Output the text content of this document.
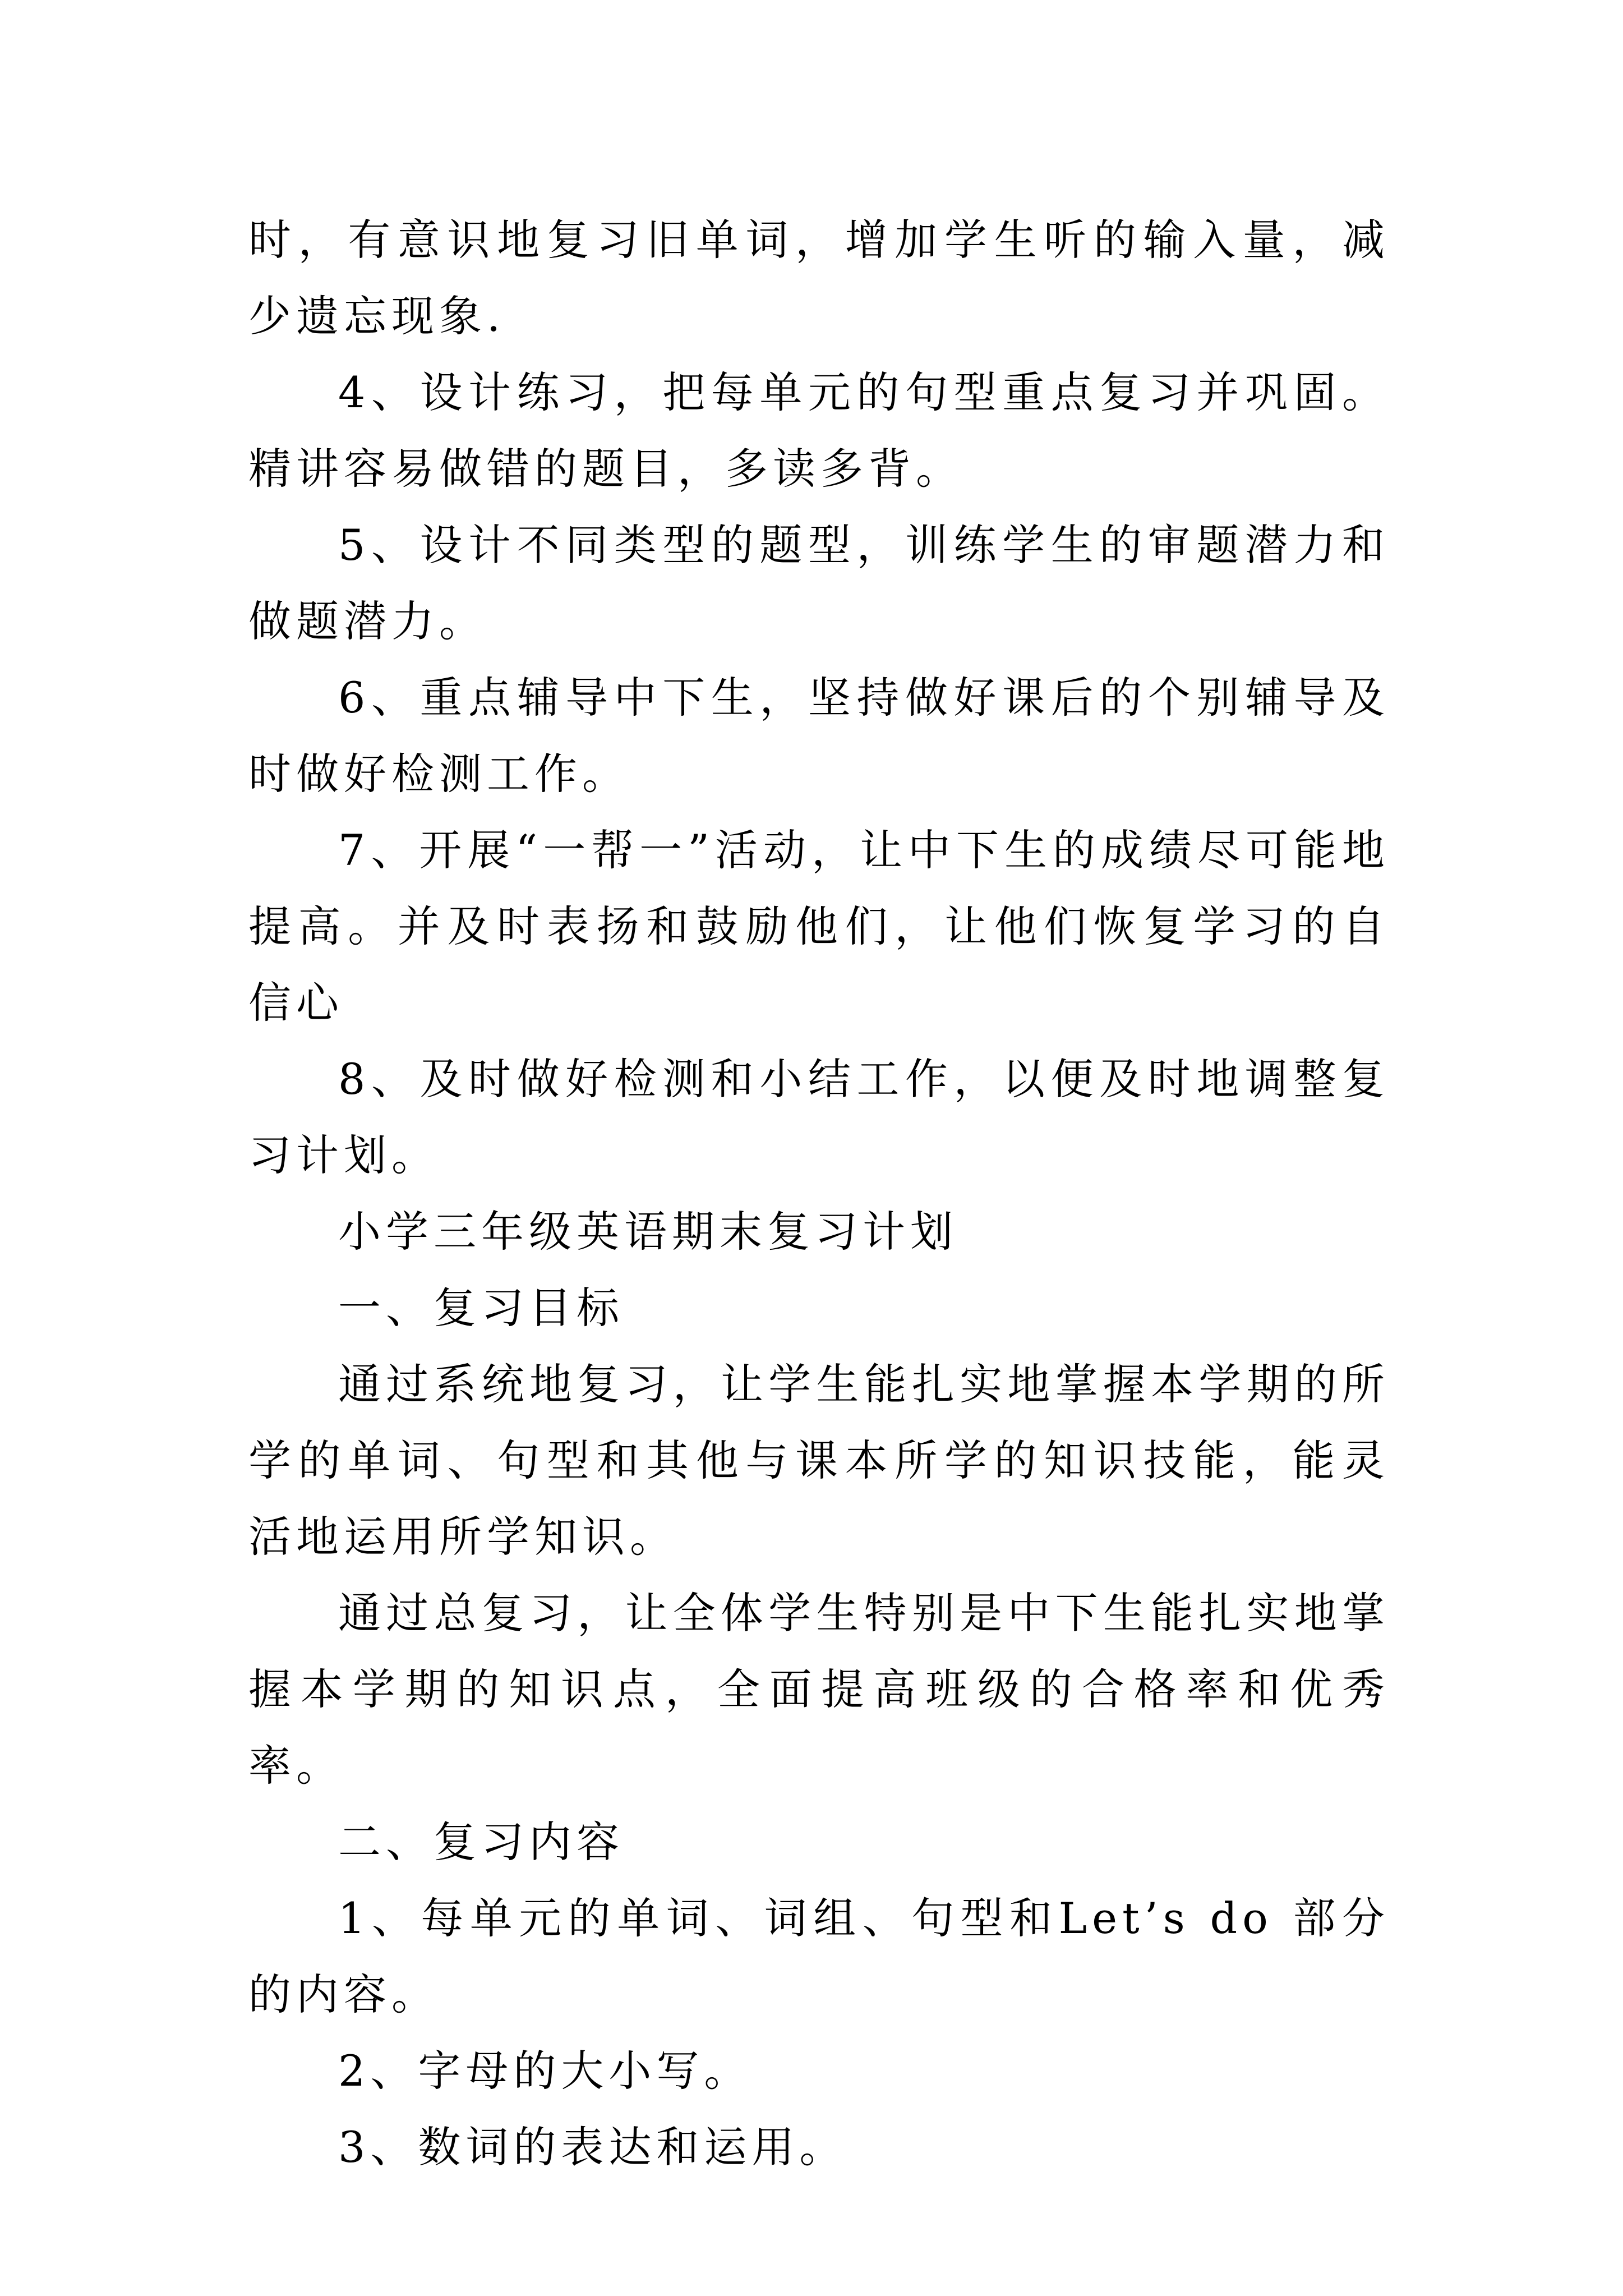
时，有意识地复习旧单词，增加学生听的输入量，减少遗忘现象.

4、设计练习，把每单元的句型重点复习并巩固。精讲容易做错的题目，多读多背。

5、设计不同类型的题型，训练学生的审题潜力和做题潜力。

6、重点辅导中下生，坚持做好课后的个别辅导及时做好检测工作。

7、开展“一帮一”活动，让中下生的成绩尽可能地提高。并及时表扬和鼓励他们，让他们恢复学习的自信心

8、及时做好检测和小结工作，以便及时地调整复习计划。

小学三年级英语期末复习计划

一、复习目标

通过系统地复习，让学生能扎实地掌握本学期的所学的单词、句型和其他与课本所学的知识技能，能灵活地运用所学知识。

通过总复习，让全体学生特别是中下生能扎实地掌握本学期的知识点，全面提高班级的合格率和优秀率。

二、复习内容

1、每单元的单词、词组、句型和Let’s do 部分的内容。

2、字母的大小写。

3、数词的表达和运用。
